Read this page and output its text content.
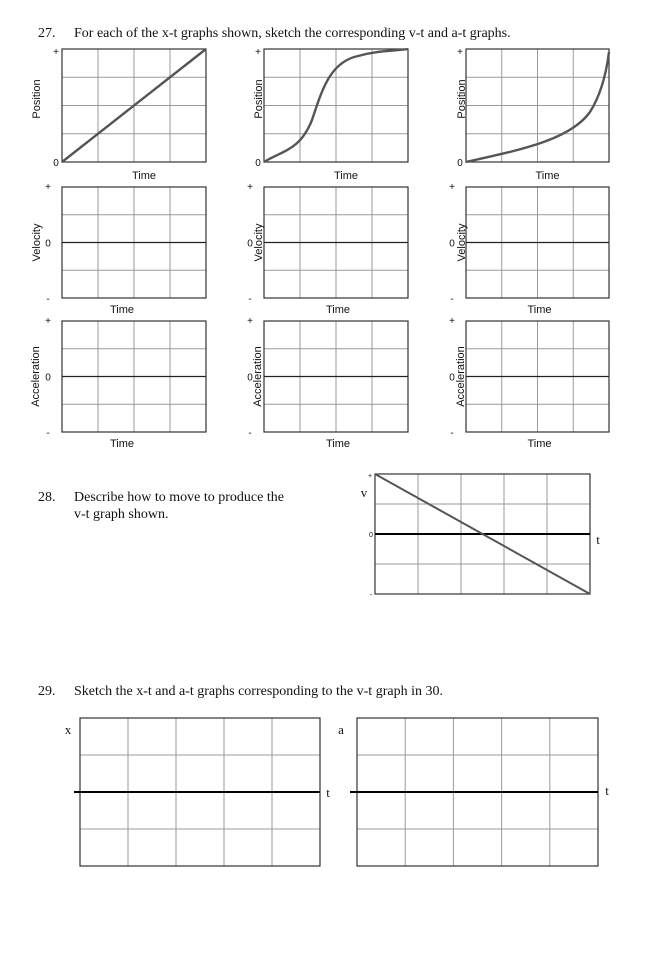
27. For each of the x-t graphs shown, sketch the corresponding v-t and a-t graphs.
28. Describe how to move to produce the
v-t graph shown.
29. Sketch the x-t and a-t graphs corresponding to the v-t graph in 30.
Position
+
0
Time
Position
+
0
Time
Position
+
0
Time
Velocity
+
0
-
Time
Velocity
+
0
-
Time
Velocity
+
0
-
Time
Acceleration
+
0
-
Time
Acceleration
+
0
-
Time
Acceleration
+
0
-
Time
v
t
+
0
-
x
t
a
t
